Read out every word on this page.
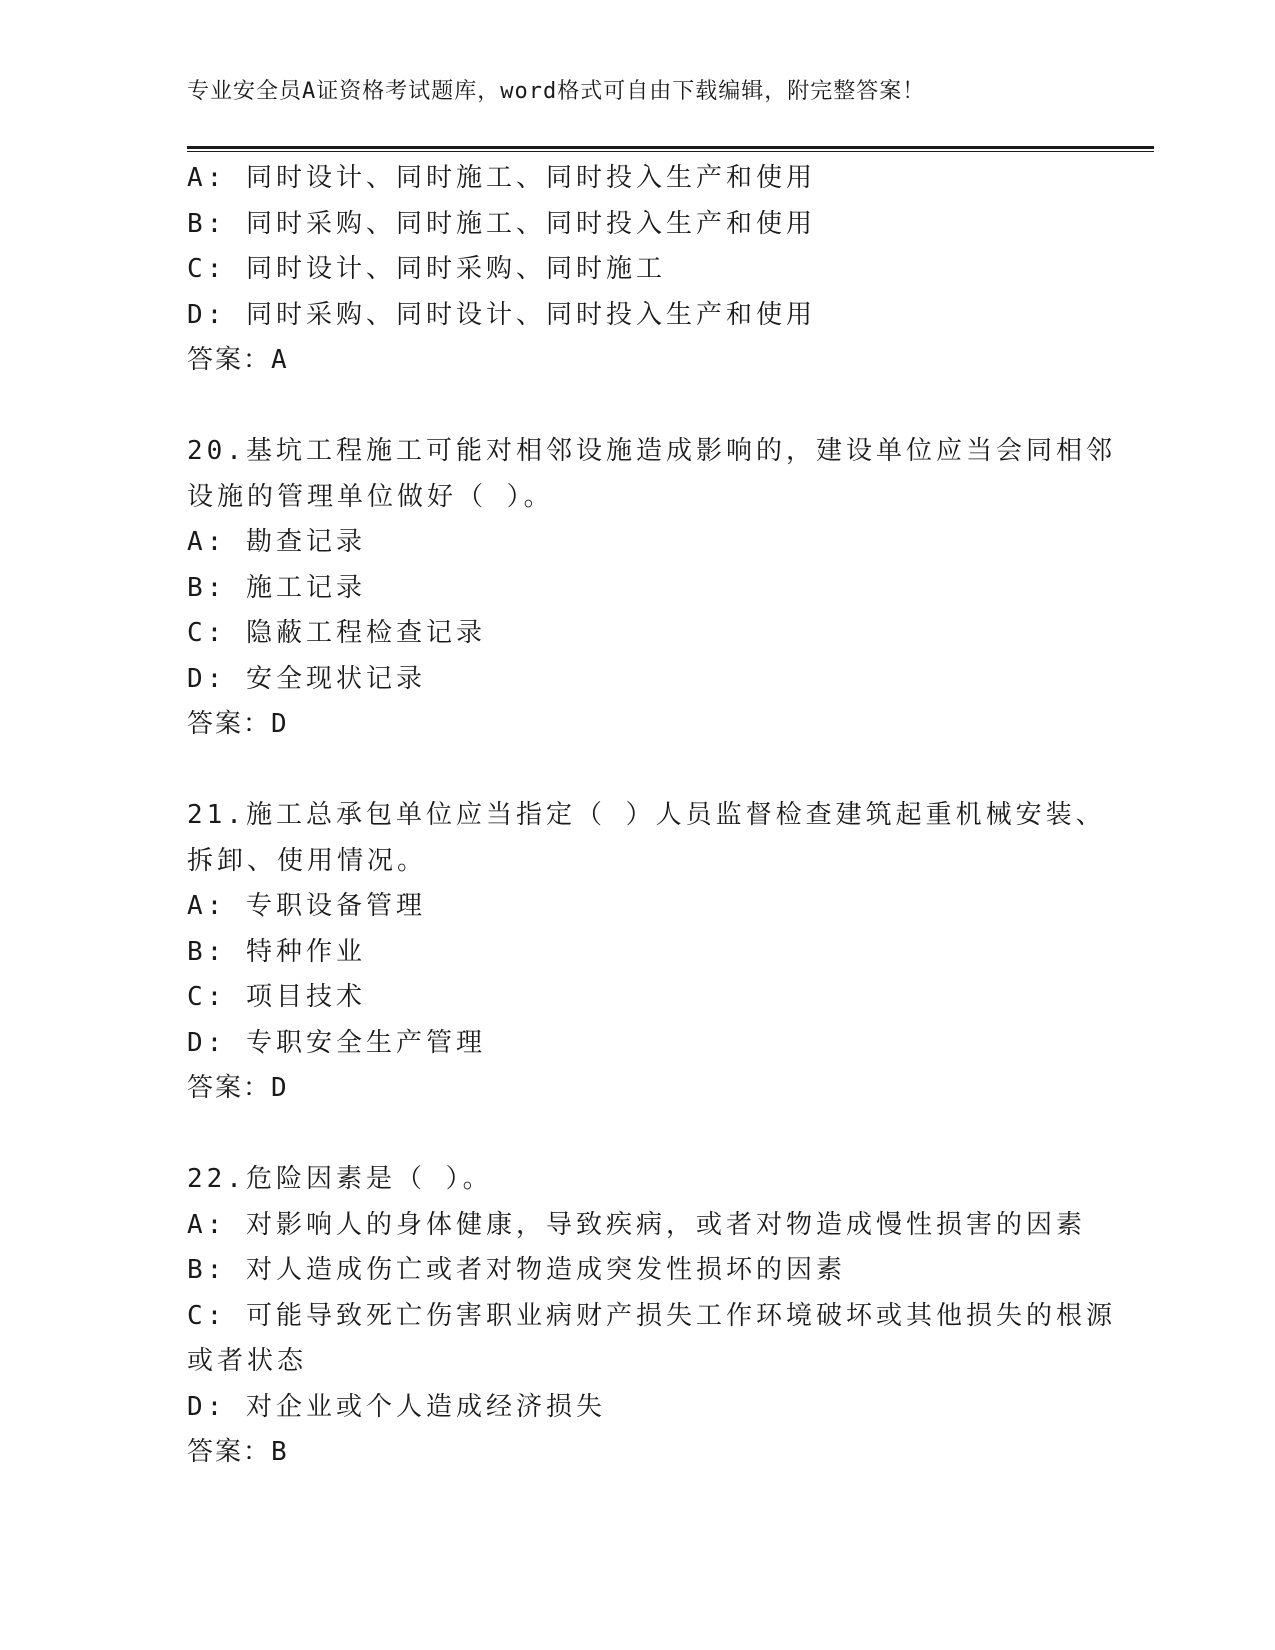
专业安全员A证资格考试题库，word格式可自由下载编辑，附完整答案！
A: 同时设计、同时施工、同时投入生产和使用
B: 同时采购、同时施工、同时投入生产和使用
C: 同时设计、同时采购、同时施工
D: 同时采购、同时设计、同时投入生产和使用
答案：A
20.基坑工程施工可能对相邻设施造成影响的，建设单位应当会同相邻
设施的管理单位做好（ ）。
A: 勘查记录
B: 施工记录
C: 隐蔽工程检查记录
D: 安全现状记录
答案：D
21.施工总承包单位应当指定（ ）人员监督检查建筑起重机械安装、
拆卸、使用情况。
A: 专职设备管理
B: 特种作业
C: 项目技术
D: 专职安全生产管理
答案：D
22.危险因素是（ ）。
A: 对影响人的身体健康，导致疾病，或者对物造成慢性损害的因素
B: 对人造成伤亡或者对物造成突发性损坏的因素
C: 可能导致死亡伤害职业病财产损失工作环境破坏或其他损失的根源
或者状态
D: 对企业或个人造成经济损失
答案：B
